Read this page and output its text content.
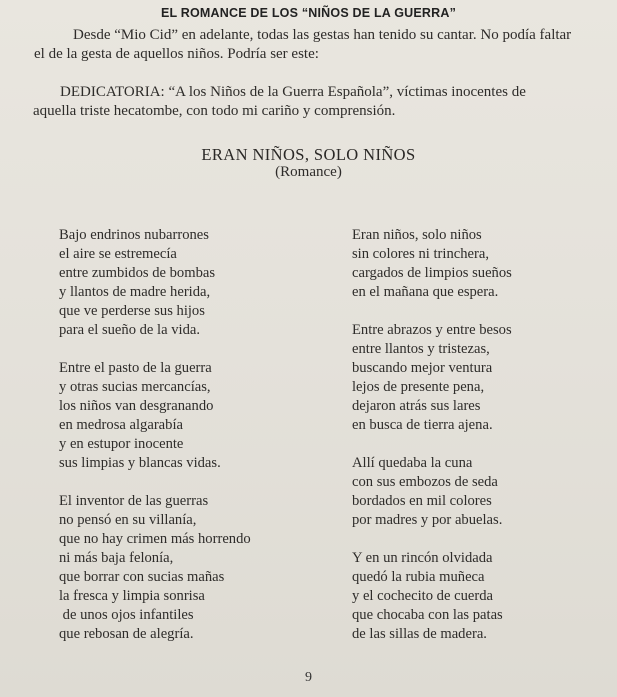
EL ROMANCE DE LOS “NIÑOS DE LA GUERRA”
Desde “Mio Cid” en adelante, todas las gestas han tenido su cantar. No podía faltar
el de la gesta de aquellos niños. Podría ser este:
DEDICATORIA: “A los Niños de la Guerra Española”, víctimas inocentes de
aquella triste hecatombe, con todo mi cariño y comprensión.
ERAN NIÑOS, SOLO NIÑOS
(Romance)
Bajo endrinos nubarrones
el aire se estremecía
entre zumbidos de bombas
y llantos de madre herida,
que ve perderse sus hijos
para el sueño de la vida.
Entre el pasto de la guerra
y otras sucias mercancías,
los niños van desgranando
en medrosa algarabía
y en estupor inocente
sus limpias y blancas vidas.
El inventor de las guerras
no pensó en su villanía,
que no hay crimen más horrendo
ni más baja felonía,
que borrar con sucias mañas
la fresca y limpia sonrisa
de unos ojos infantiles
que rebosan de alegría.
Eran niños, solo niños
sin colores ni trinchera,
cargados de limpios sueños
en el mañana que espera.
Entre abrazos y entre besos
entre llantos y tristezas,
buscando mejor ventura
lejos de presente pena,
dejaron atrás sus lares
en busca de tierra ajena.
Allí quedaba la cuna
con sus embozos de seda
bordados en mil colores
por madres y por abuelas.
Y en un rincón olvidada
quedó la rubia muñeca
y el cochecito de cuerda
que chocaba con las patas
de las sillas de madera.
9
